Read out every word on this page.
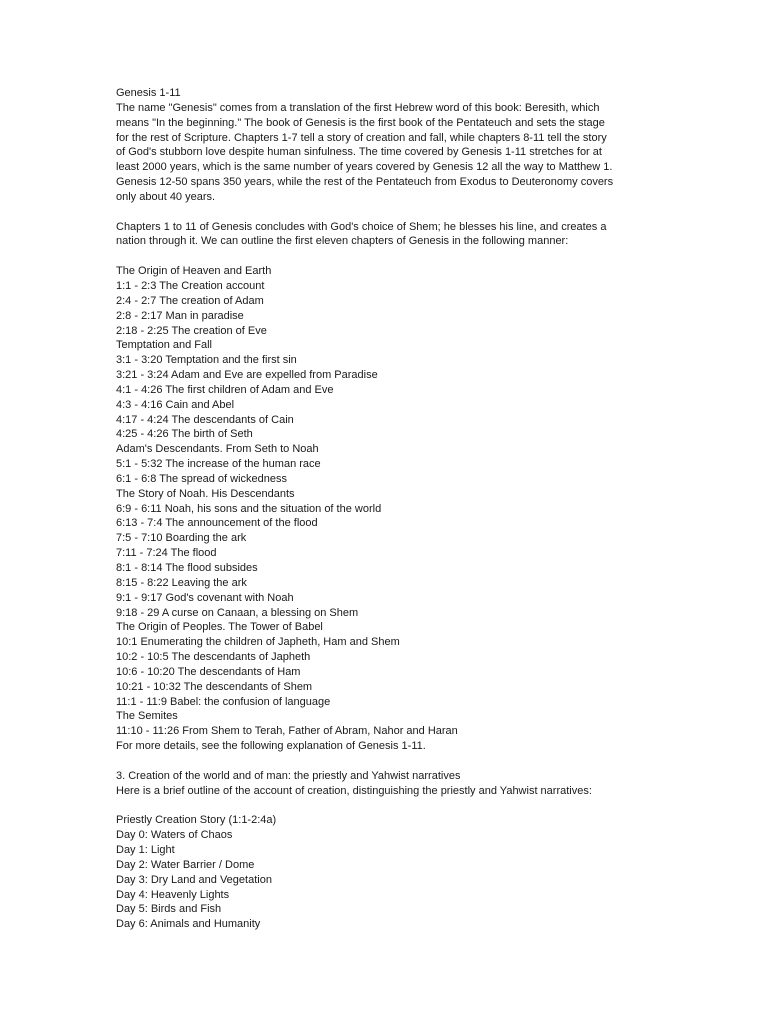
Genesis 1-11
The name "Genesis" comes from a translation of the first Hebrew word of this book: Beresith, which
means "In the beginning." The book of Genesis is the first book of the Pentateuch and sets the stage
for the rest of Scripture. Chapters 1-7 tell a story of creation and fall, while chapters 8-11 tell the story
of God's stubborn love despite human sinfulness. The time covered by Genesis 1-11 stretches for at
least 2000 years, which is the same number of years covered by Genesis 12 all the way to Matthew 1.
Genesis 12-50 spans 350 years, while the rest of the Pentateuch from Exodus to Deuteronomy covers
only about 40 years.
Chapters 1 to 11 of Genesis concludes with God's choice of Shem; he blesses his line, and creates a
nation through it. We can outline the first eleven chapters of Genesis in the following manner:
The Origin of Heaven and Earth
1:1 - 2:3 The Creation account
2:4 - 2:7 The creation of Adam
2:8 - 2:17 Man in paradise
2:18 - 2:25 The creation of Eve
Temptation and Fall
3:1 - 3:20 Temptation and the first sin
3:21 - 3:24 Adam and Eve are expelled from Paradise
4:1 - 4:26 The first children of Adam and Eve
4:3 - 4:16 Cain and Abel
4:17 - 4:24 The descendants of Cain
4:25 - 4:26 The birth of Seth
Adam's Descendants. From Seth to Noah
5:1 - 5:32 The increase of the human race
6:1 - 6:8 The spread of wickedness
The Story of Noah. His Descendants
6:9 - 6:11 Noah, his sons and the situation of the world
6:13 - 7:4 The announcement of the flood
7:5 - 7:10 Boarding the ark
7:11 - 7:24 The flood
8:1 - 8:14 The flood subsides
8:15 - 8:22 Leaving the ark
9:1 - 9:17 God's covenant with Noah
9:18 - 29 A curse on Canaan, a blessing on Shem
The Origin of Peoples. The Tower of Babel
10:1 Enumerating the children of Japheth, Ham and Shem
10:2 - 10:5 The descendants of Japheth
10:6 - 10:20 The descendants of Ham
10:21 - 10:32 The descendants of Shem
11:1 - 11:9 Babel: the confusion of language
The Semites
11:10 - 11:26 From Shem to Terah, Father of Abram, Nahor and Haran
For more details, see the following explanation of Genesis 1-11.
3. Creation of the world and of man: the priestly and Yahwist narratives
Here is a brief outline of the account of creation, distinguishing the priestly and Yahwist narratives:
Priestly Creation Story (1:1-2:4a)
Day 0: Waters of Chaos
Day 1: Light
Day 2: Water Barrier / Dome
Day 3: Dry Land and Vegetation
Day 4: Heavenly Lights
Day 5: Birds and Fish
Day 6: Animals and Humanity
